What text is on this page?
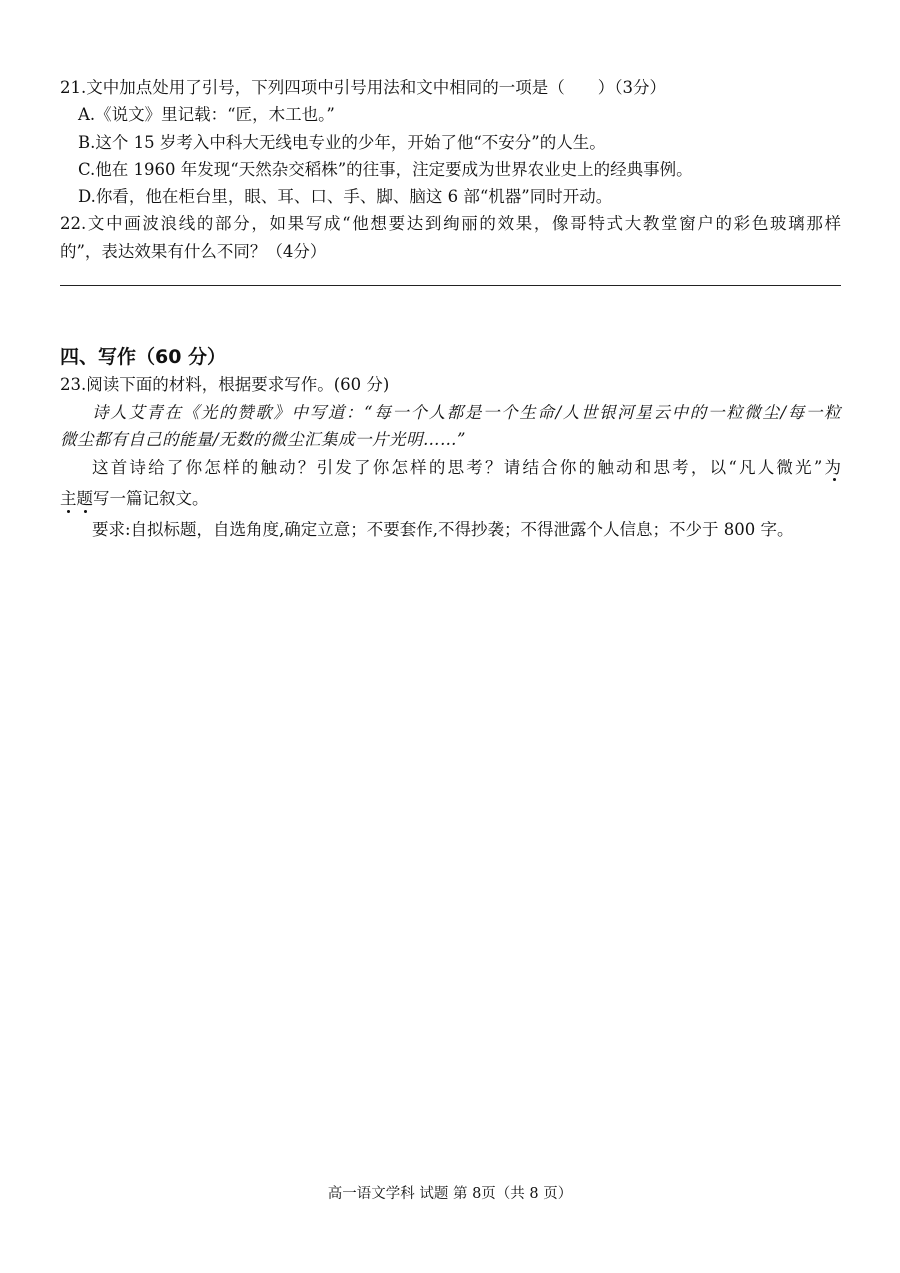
21.文中加点处用了引号，下列四项中引号用法和文中相同的一项是（　　）（3分）
A.《说文》里记载：“匠，木工也。”
B.这个 15 岁考入中科大无线电专业的少年，开始了他“不安分”的人生。
C.他在 1960 年发现“天然杂交稻株”的往事，注定要成为世界农业史上的经典事例。
D.你看，他在柜台里，眼、耳、口、手、脚、脑这 6 部“机器”同时开动。
22.文中画波浪线的部分，如果写成“他想要达到绚丽的效果，像哥特式大教堂窗户的彩色玻璃那样
的”，表达效果有什么不同？（4分）
四、写作（60 分）
23.阅读下面的材料，根据要求写作。(60 分)
诗人艾青在《光的赞歌》中写道：“每一个人都是一个生命/人世银河星云中的一粒微尘/每一粒
微尘都有自己的能量/无数的微尘汇集成一片光明……”
这首诗给了你怎样的触动？引发了你怎样的思考？请结合你的触动和思考，以“凡人微光”为
主题写一篇记叙文。
要求:自拟标题，自选角度,确定立意；不要套作,不得抄袭；不得泄露个人信息；不少于 800 字。
高一语文学科 试题 第 8页（共 8 页）
